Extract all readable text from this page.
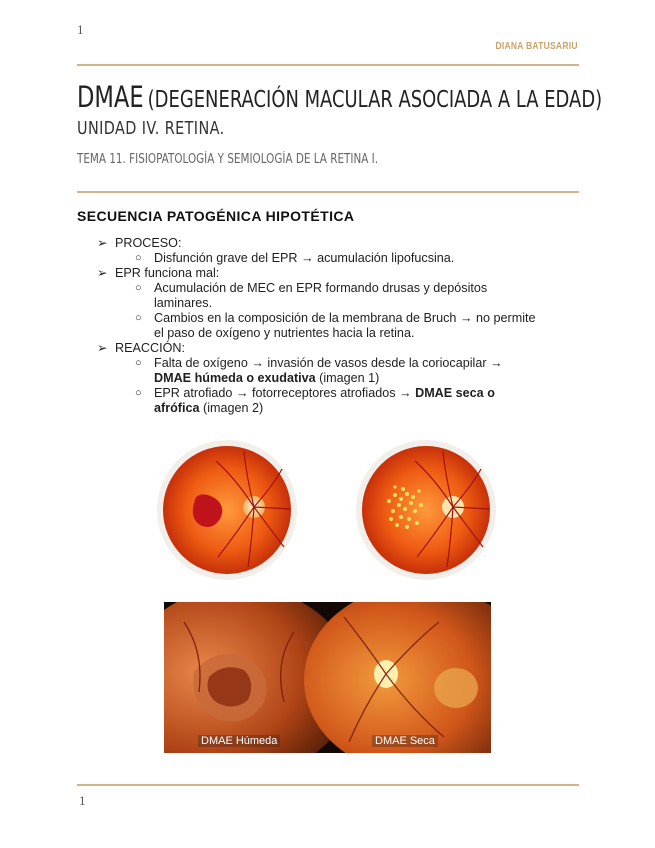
1
DIANA BATUSARIU
DMAE (DEGENERACIÓN MACULAR ASOCIADA A LA EDAD)
UNIDAD IV. RETINA.
TEMA 11. FISIOPATOLOGÍA Y SEMIOLOGÍA DE LA RETINA I.
SECUENCIA PATOGÉNICA HIPOTÉTICA
➢ PROCESO:
○ Disfunción grave del EPR → acumulación lipofucsina.
➢ EPR funciona mal:
○ Acumulación de MEC en EPR formando drusas y depósitos
laminares.
○ Cambios en la composición de la membrana de Bruch → no permite
el paso de oxígeno y nutrientes hacia la retina.
➢ REACCIÓN:
○ Falta de oxígeno → invasión de vasos desde la coriocapilar →
DMAE húmeda o exudativa (imagen 1)
○ EPR atrofiado → fotorreceptores atrofiados → DMAE seca o
afrófica (imagen 2)
DMAE Húmeda	DMAE Seca
1
